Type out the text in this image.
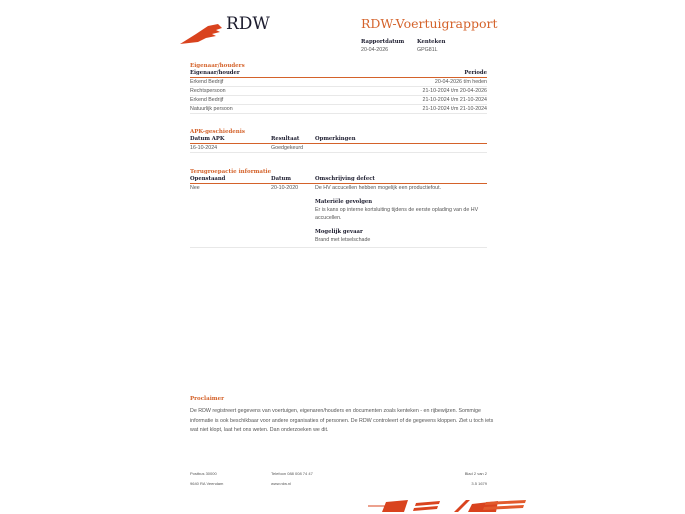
RDW	RDW-Voertuigrapport
Rapportdatum
20-04-2026
Kenteken
GPG81L
Eigenaar/houders
Eigenaar/houder	Periode
Erkend Bedrijf	20-04-2026 t/m heden
Rechtspersoon	21-10-2024 t/m 20-04-2026
Erkend Bedrijf	21-10-2024 t/m 21-10-2024
Natuurlijk persoon	21-10-2024 t/m 21-10-2024
APK-geschiedenis
Datum APK	Resultaat	Opmerkingen
16-10-2024	Goedgekeurd
Terugroepactie informatie
Openstaand	Datum	Omschrijving defect
Nee	20-10-2020	De HV accucellen hebben mogelijk een productiefout.
Materiële gevolgen
Er is kans op interne kortsluiting tijdens de eerste oplading van de HV accucellen.
Mogelijk gevaar
Brand met letselschade
Proclaimer
De RDW registreert gegevens van voertuigen, eigenaren/houders en documenten zoals kenteken - en rijbewijzen. Sommige informatie is ook beschikbaar voor andere organisaties of personen. De RDW controleert of de gegevens kloppen. Ziet u toch iets wat niet klopt, laat het ons weten. Dan onderzoeken we dit.
Postbus 30000
9640 RA Veendam
Telefoon 088 008 74 47
www.rdw.nl
Blad 2 van 2
3.5 1679
